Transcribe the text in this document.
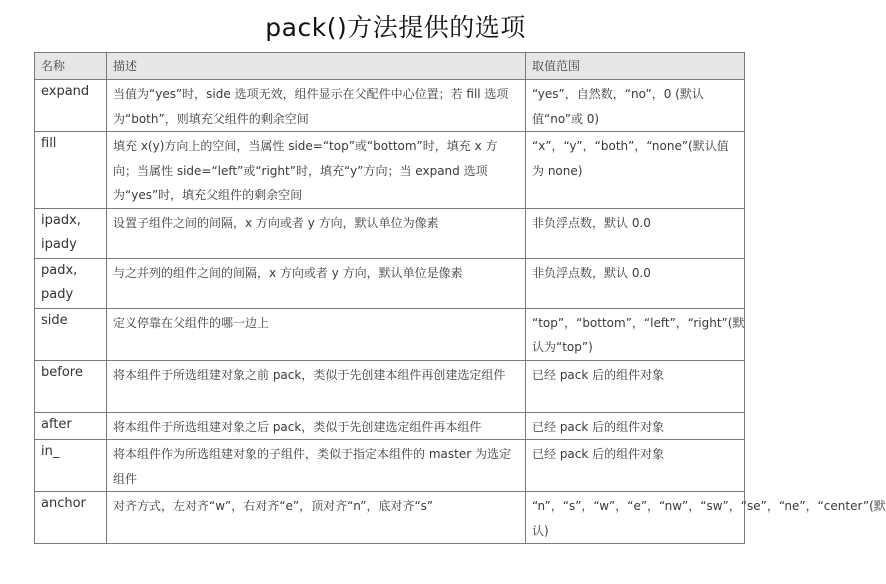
pack()方法提供的选项
名称	描述	取值范围
expand	当值为“yes”时，side 选项无效，组件显示在父配件中心位置；若 fill 选项为“both”，则填充父组件的剩余空间	“yes”，自然数，“no”，0 (默认值“no”或 0)
fill	填充 x(y)方向上的空间，当属性 side=“top”或“bottom”时，填充 x 方向；当属性 side=“left”或“right”时，填充“y”方向；当 expand 选项为“yes”时，填充父组件的剩余空间	“x”，“y”，“both”，“none”(默认值为 none)
ipadx, ipady	设置子组件之间的间隔，x 方向或者 y 方向，默认单位为像素	非负浮点数，默认 0.0
padx, pady	与之并列的组件之间的间隔，x 方向或者 y 方向，默认单位是像素	非负浮点数，默认 0.0
side	定义停靠在父组件的哪一边上	“top”，“bottom”，“left”，“right”(默认为“top”)
before	将本组件于所选组建对象之前 pack，类似于先创建本组件再创建选定组件	已经 pack 后的组件对象
after	将本组件于所选组建对象之后 pack，类似于先创建选定组件再本组件	已经 pack 后的组件对象
in_	将本组件作为所选组建对象的子组件，类似于指定本组件的 master 为选定组件	已经 pack 后的组件对象
anchor	对齐方式，左对齐“w”，右对齐“e”，顶对齐“n”，底对齐“s”	“n”，“s”，“w”，“e”，“nw”，“sw”，“se”，“ne”，“center”(默认)
